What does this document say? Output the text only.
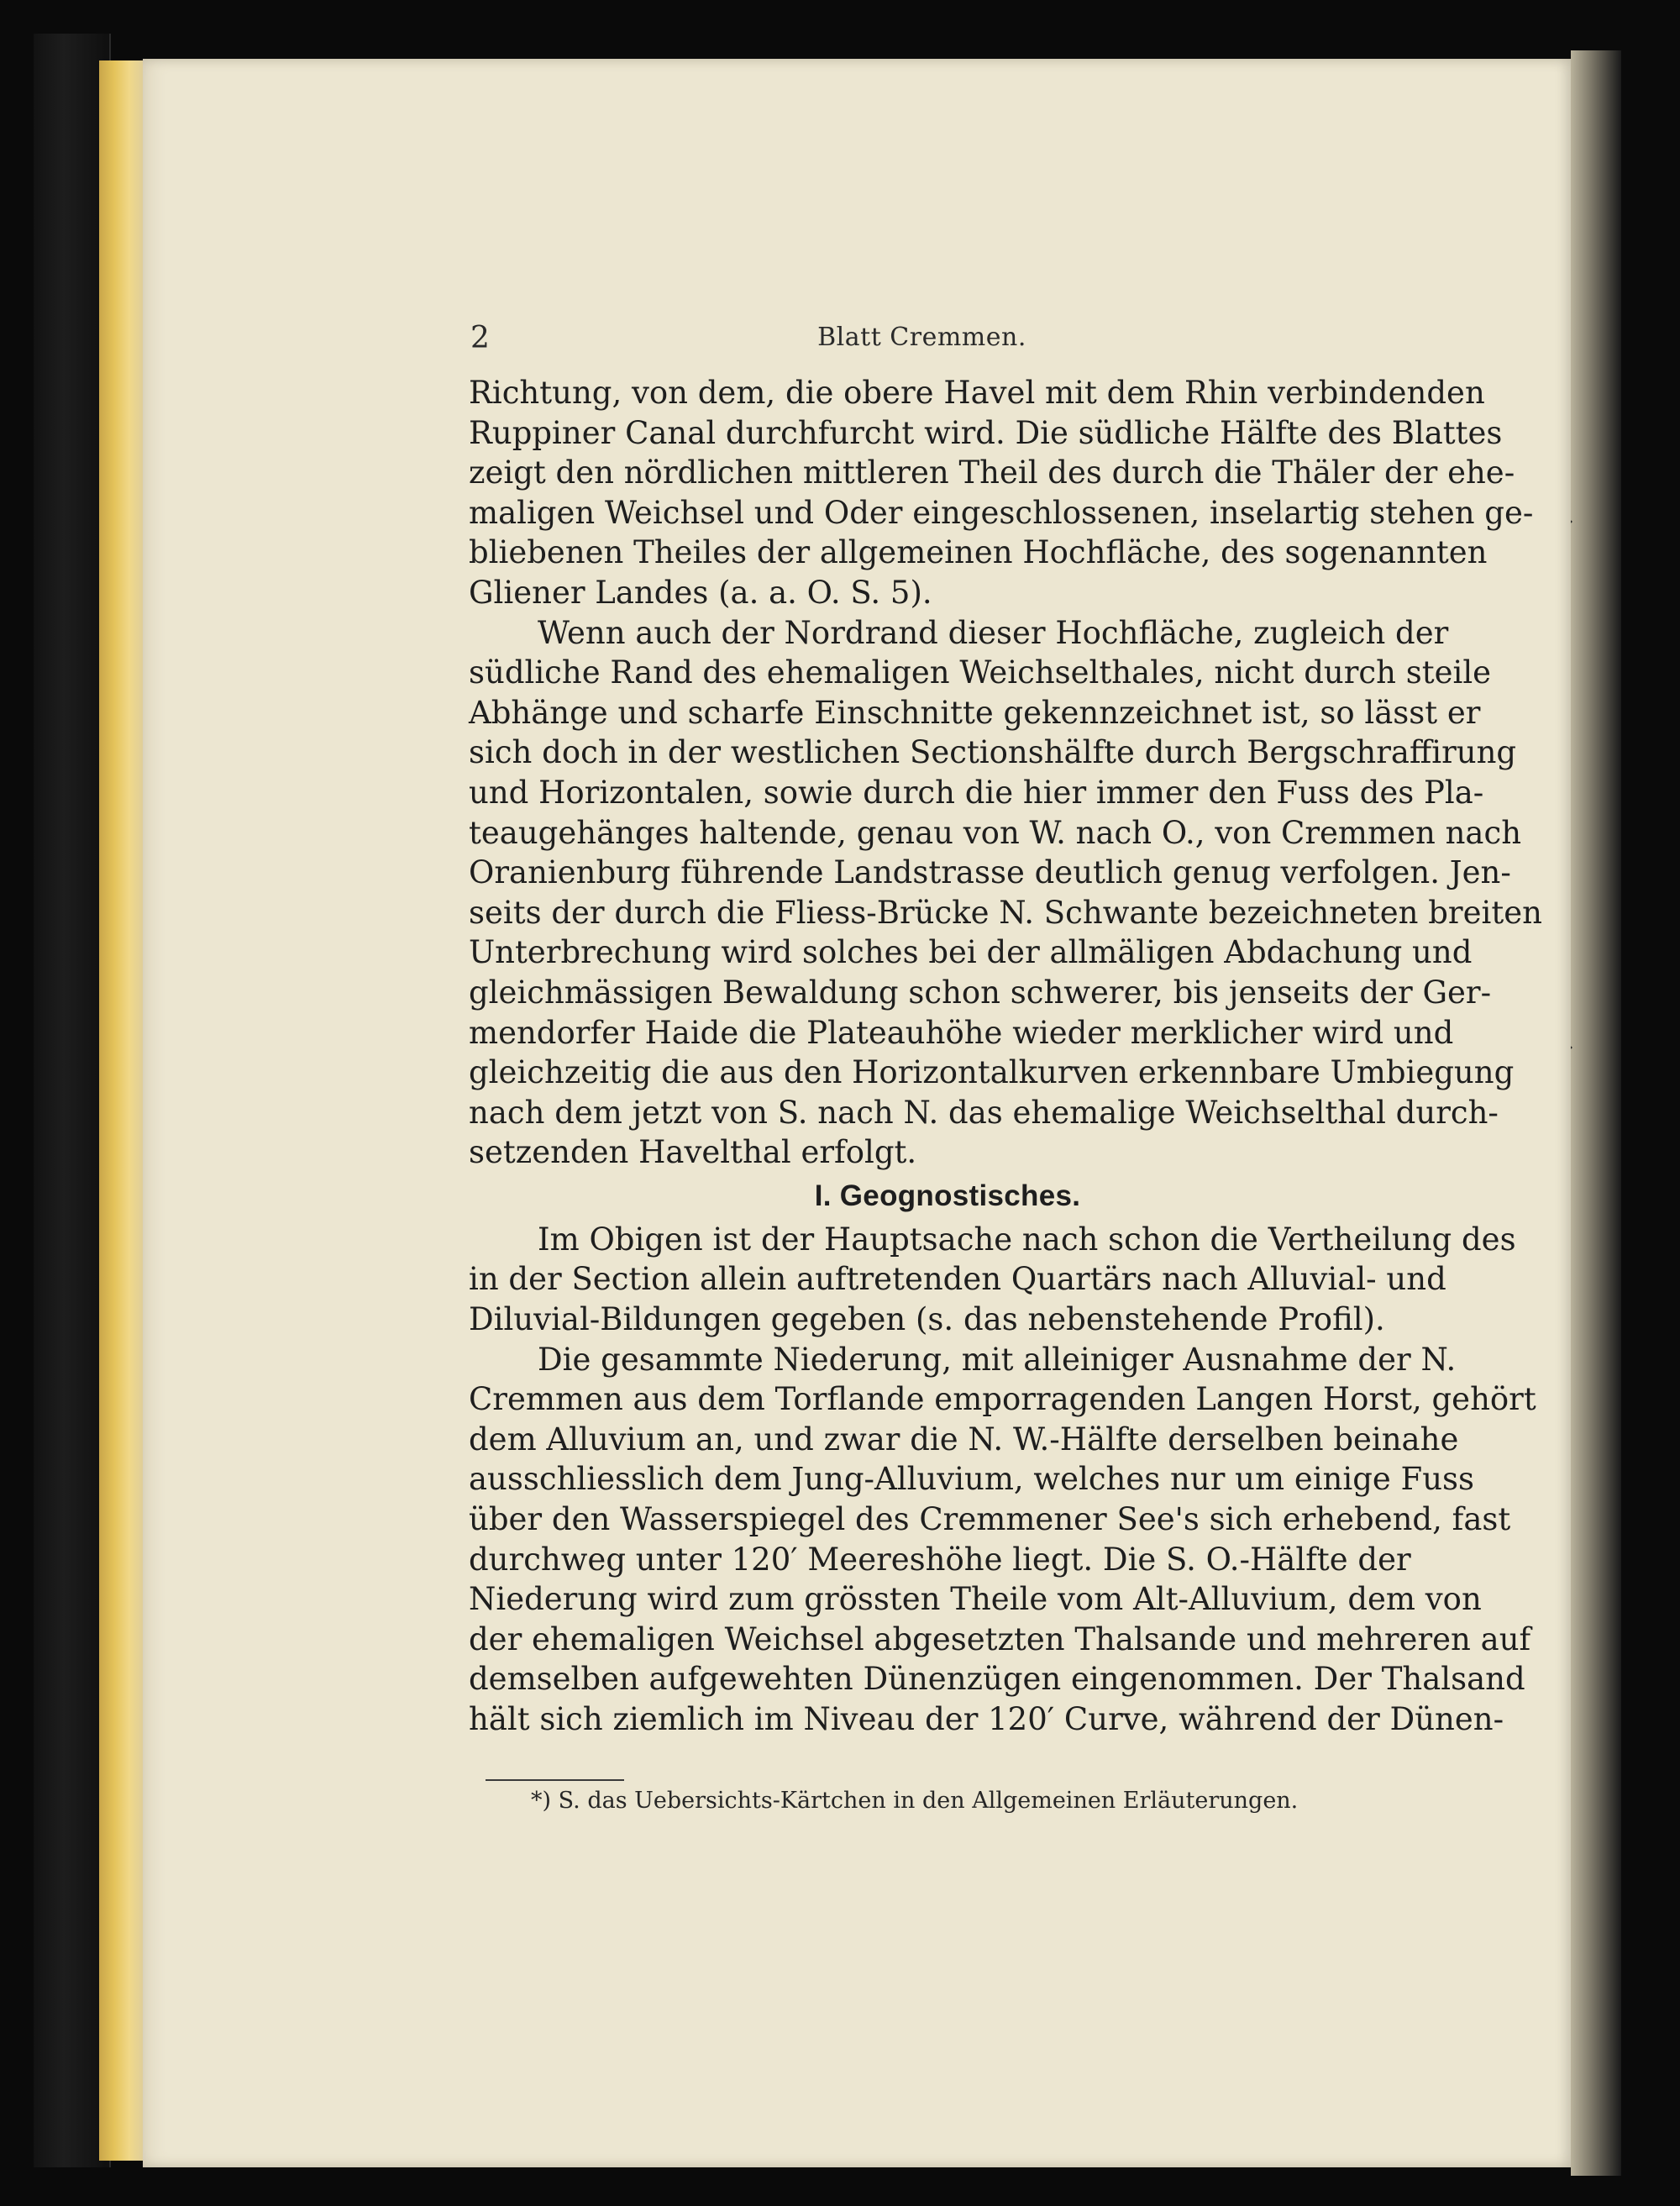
2	Blatt Cremmen.
Richtung, von dem, die obere Havel mit dem Rhin verbindenden
Ruppiner Canal durchfurcht wird. Die südliche Hälfte des Blattes
zeigt den nördlichen mittleren Theil des durch die Thäler der ehe-
maligen Weichsel und Oder eingeschlossenen, inselartig stehen ge-
bliebenen Theiles der allgemeinen Hochfläche, des sogenannten
Gliener Landes (a. a. O. S. 5).
Wenn auch der Nordrand dieser Hochfläche, zugleich der
südliche Rand des ehemaligen Weichselthales, nicht durch steile
Abhänge und scharfe Einschnitte gekennzeichnet ist, so lässt er
sich doch in der westlichen Sectionshälfte durch Bergschraffirung
und Horizontalen, sowie durch die hier immer den Fuss des Pla-
teaugehänges haltende, genau von W. nach O., von Cremmen nach
Oranienburg führende Landstrasse deutlich genug verfolgen. Jen-
seits der durch die Fliess-Brücke N. Schwante bezeichneten breiten
Unterbrechung wird solches bei der allmäligen Abdachung und
gleichmässigen Bewaldung schon schwerer, bis jenseits der Ger-
mendorfer Haide die Plateauhöhe wieder merklicher wird und
gleichzeitig die aus den Horizontalkurven erkennbare Umbiegung
nach dem jetzt von S. nach N. das ehemalige Weichselthal durch-
setzenden Havelthal erfolgt.
I. Geognostisches.
Im Obigen ist der Hauptsache nach schon die Vertheilung des
in der Section allein auftretenden Quartärs nach Alluvial- und
Diluvial-Bildungen gegeben (s. das nebenstehende Profil).
Die gesammte Niederung, mit alleiniger Ausnahme der N.
Cremmen aus dem Torflande emporragenden Langen Horst, gehört
dem Alluvium an, und zwar die N. W.-Hälfte derselben beinahe
ausschliesslich dem Jung-Alluvium, welches nur um einige Fuss
über den Wasserspiegel des Cremmener See's sich erhebend, fast
durchweg unter 120′ Meereshöhe liegt. Die S. O.-Hälfte der
Niederung wird zum grössten Theile vom Alt-Alluvium, dem von
der ehemaligen Weichsel abgesetzten Thalsande und mehreren auf
demselben aufgewehten Dünenzügen eingenommen. Der Thalsand
hält sich ziemlich im Niveau der 120′ Curve, während der Dünen-
*) S. das Uebersichts-Kärtchen in den Allgemeinen Erläuterungen.
